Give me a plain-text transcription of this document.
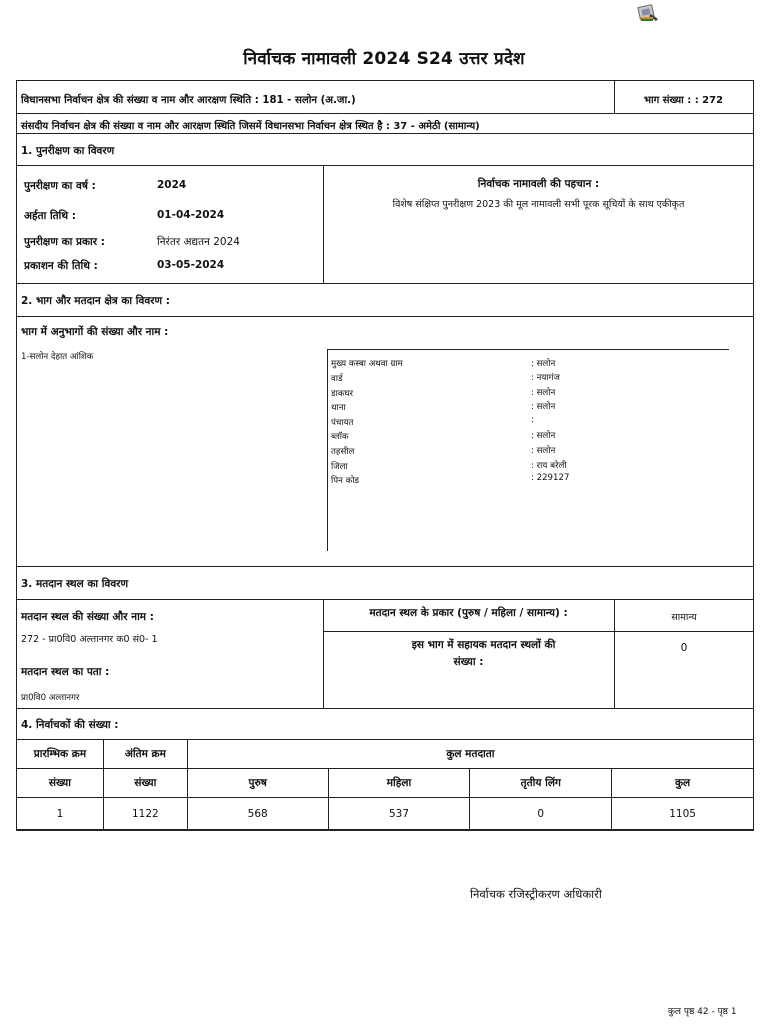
निर्वाचक नामावली 2024 S24 उत्तर प्रदेश
विधानसभा निर्वाचन क्षेत्र की संख्या व नाम और आरक्षण स्थिति : 181 - सलोन (अ.जा.)	भाग संख्या : : 272
संसदीय निर्वाचन क्षेत्र की संख्या व नाम और आरक्षण स्थिति जिसमें विधानसभा निर्वाचन क्षेत्र स्थित है : 37 - अमेठी (सामान्य)
1. पुनरीक्षण का विवरण
पुनरीक्षण का वर्ष :	2024
अर्हता तिथि :	01-04-2024
पुनरीक्षण का प्रकार :	निरंतर अद्यतन 2024
प्रकाशन की तिथि :	03-05-2024
निर्वाचक नामावली की पहचान :
विशेष संक्षिप्त पुनरीक्षण 2023 की मूल नामावली सभी पूरक सूचियों के साथ एकीकृत
2. भाग और मतदान क्षेत्र का विवरण :
भाग में अनुभागों की संख्या और नाम :
1-सलोन देहात आंशिक
मुख्य कस्बा अथवा ग्राम	: सलोन
वार्ड	: नयागंज
डाकघर	: सलोन
थाना	: सलोन
पंचायत	:
ब्लॉक	: सलोन
तहसील	: सलोन
जिला	: राय बरेली
पिन कोड	: 229127
3. मतदान स्थल का विवरण
मतदान स्थल की संख्या और नाम :
272 - प्रा0वि0 अल्तानगर क0 सं0- 1
मतदान स्थल का पता :
प्रा0वि0 अल्तानगर
मतदान स्थल के प्रकार (पुरुष / महिला / सामान्य) :	सामान्य
इस भाग में सहायक मतदान स्थलों की
संख्या :
0
4. निर्वाचकों की संख्या :
प्रारम्भिक क्रम	अंतिम क्रम	कुल मतदाता			
संख्या	संख्या	पुरुष	महिला	तृतीय लिंग	कुल
1	1122	568	537	0	1105
निर्वाचक रजिस्ट्रीकरण अधिकारी
कुल पृष्ठ 42 - पृष्ठ 1
